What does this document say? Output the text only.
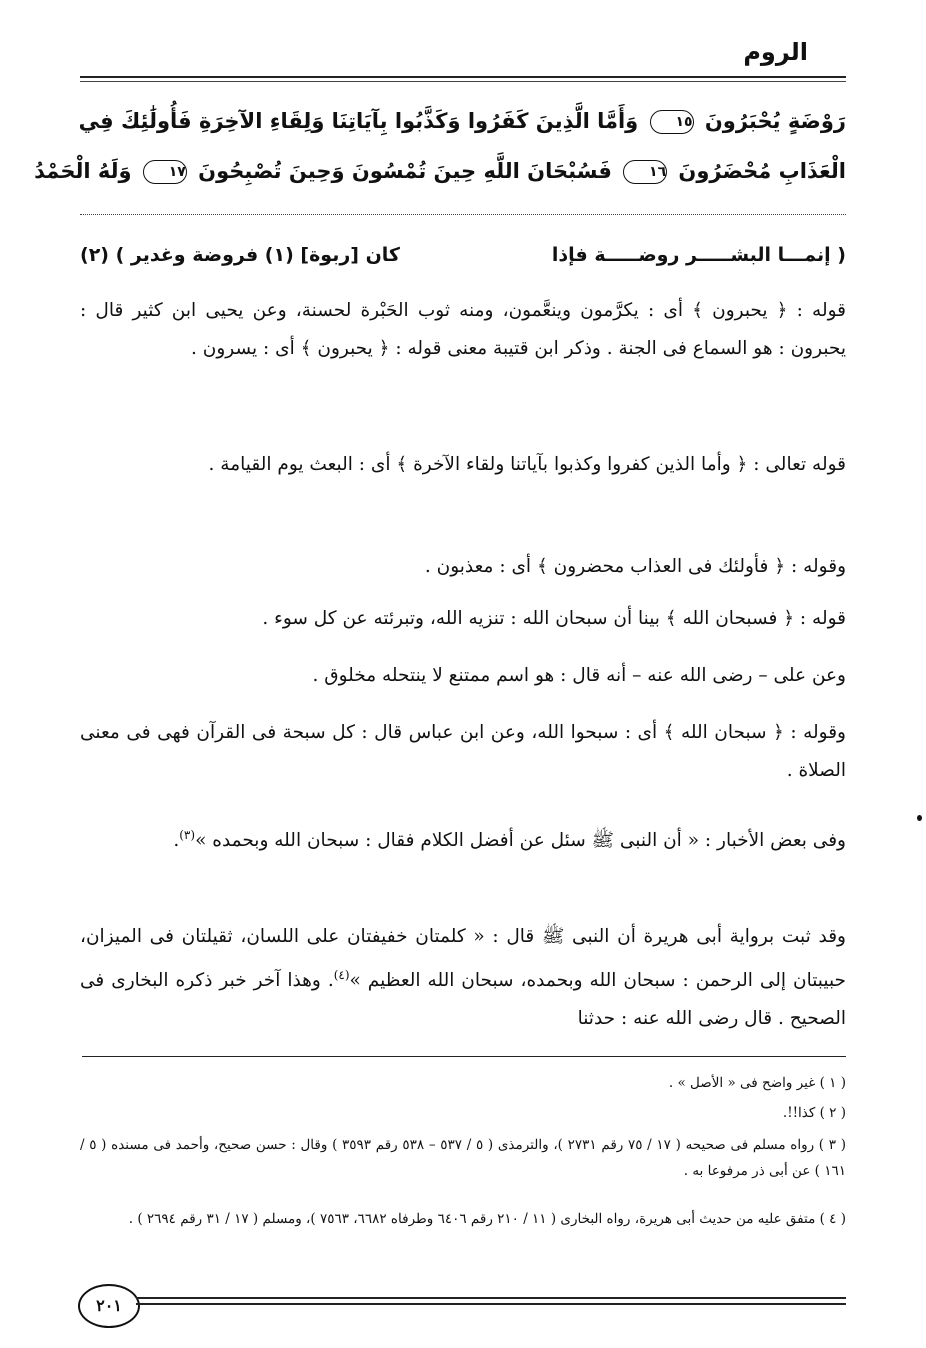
الروم
رَوْضَةٍ يُحْبَرُونَ ١٥ وَأَمَّا الَّذِينَ كَفَرُوا وَكَذَّبُوا بِآيَاتِنَا وَلِقَاءِ الآخِرَةِ فَأُولَٰئِكَ فِي
الْعَذَابِ مُحْضَرُونَ ١٦ فَسُبْحَانَ اللَّهِ حِينَ تُمْسُونَ وَحِينَ تُصْبِحُونَ ١٧ وَلَهُ الْحَمْدُ
( إنمـــا البشـــــر روضـــــة فإذا
كان [ربوة] (١) فروضة وغدير ) (٢)
قوله : ﴿ يحبرون ﴾ أى : يكرَّمون وينعَّمون، ومنه ثوب الحَبْرة لحسنة، وعن يحيى ابن كثير قال : يحبرون : هو السماع فى الجنة . وذكر ابن قتيبة معنى قوله : ﴿ يحبرون ﴾ أى : يسرون .
قوله تعالى : ﴿ وأما الذين كفروا وكذبوا بآياتنا ولقاء الآخرة ﴾ أى : البعث يوم القيامة .
وقوله : ﴿ فأولئك فى العذاب محضرون ﴾ أى : معذبون .
قوله : ﴿ فسبحان الله ﴾ بينا أن سبحان الله : تنزيه الله، وتبرئته عن كل سوء .
وعن على – رضى الله عنه – أنه قال : هو اسم ممتنع لا ينتحله مخلوق .
وقوله : ﴿ سبحان الله ﴾ أى : سبحوا الله، وعن ابن عباس قال : كل سبحة فى القرآن فهى فى معنى الصلاة .
وفى بعض الأخبار : « أن النبى ﷺ سئل عن أفضل الكلام فقال : سبحان الله وبحمده »$^{(٣)}$.
وقد ثبت برواية أبى هريرة أن النبى ﷺ قال : « كلمتان خفيفتان على اللسان، ثقيلتان فى الميزان، حبيبتان إلى الرحمن : سبحان الله وبحمده، سبحان الله العظيم »$^{(٤)}$. وهذا آخر خبر ذكره البخارى فى الصحيح . قال رضى الله عنه : حدثنا
( ١ ) غير واضح فى « الأصل » .
( ٢ ) كذا!!.
( ٣ ) رواه مسلم فى صحيحه ( ١٧ / ٧٥ رقم ٢٧٣١ )، والترمذى ( ٥ / ٥٣٧ – ٥٣٨ رقم ٣٥٩٣ ) وقال : حسن صحيح، وأحمد فى مسنده ( ٥ / ١٦١ ) عن أبى ذر مرفوعا به .
( ٤ ) متفق عليه من حديث أبى هريرة، رواه البخارى ( ١١ / ٢١٠ رقم ٦٤٠٦ وطرفاه ٦٦٨٢، ٧٥٦٣ )، ومسلم ( ١٧ / ٣١ رقم ٢٦٩٤ ) .
٢٠١
